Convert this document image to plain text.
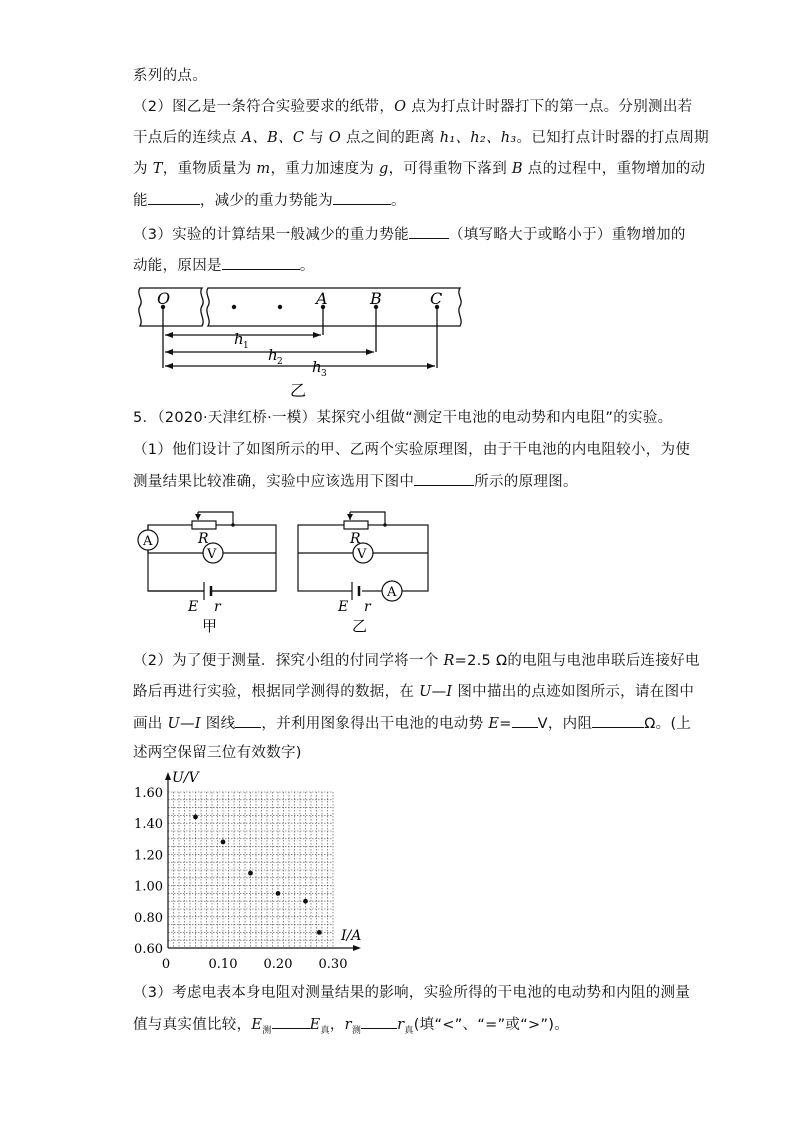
系列的点。
（2）图乙是一条符合实验要求的纸带，O 点为打点计时器打下的第一点。分别测出若
干点后的连续点 A、B、C 与 O 点之间的距离 h₁、h₂、h₃。已知打点计时器的打点周期
为 T，重物质量为 m，重力加速度为 g，可得重物下落到 B 点的过程中，重物增加的动
能	，减少的重力势能为	。
（3）实验的计算结果一般减少的重力势能	（填写略大于或略小于）重物增加的
动能，原因是	。
O	A	B	C
h 1 h 2 h 3
乙
5．（2020·天津红桥·一模）某探究小组做“测定干电池的电动势和内电阻”的实验。
（1）他们设计了如图所示的甲、乙两个实验原理图，由于干电池的内电阻较小，为使
测量结果比较准确，实验中应该选用下图中	所示的原理图。
A
V
R
E r
甲
V
A
R
E r
乙
（2）为了便于测量．探究小组的付同学将一个 R=2.5 Ω的电阻与电池串联后连接好电
路后再进行实验，根据同学测得的数据，在 U—I 图中描出的点迹如图所示，请在图中
画出 U—I 图线 ，并利用图象得出干电池的电动势 E= V，内阻	Ω。(上
述两空保留三位有效数字)
1.60
1.40
1.20
1.00
0.80
0.60
0	0.10 0.20 0.30
U/V
I/A
（3）考虑电表本身电阻对测量结果的影响，实验所得的干电池的电动势和内阻的测量
值与真实值比较，$E_测$	$E_真$，$r_测$ $r_真$(填“<”、“=”或“>”)。
